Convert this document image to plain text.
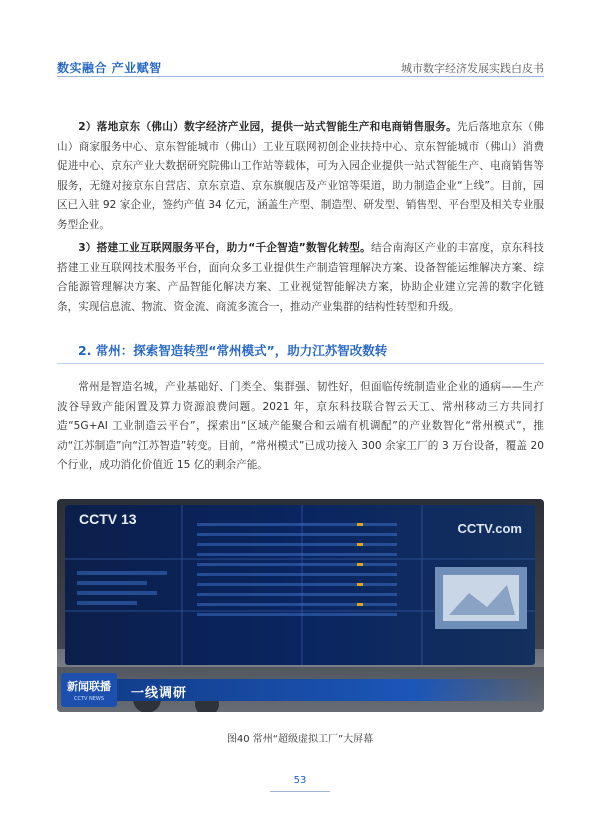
数实融合 产业赋智	城市数字经济发展实践白皮书

2）落地京东（佛山）数字经济产业园，提供一站式智能生产和电商销售服务。先后落地京东（佛山）商家服务中心、京东智能城市（佛山）工业互联网初创企业扶持中心、京东智能城市（佛山）消费促进中心、京东产业大数据研究院佛山工作站等载体，可为入园企业提供一站式智能生产、电商销售等服务，无缝对接京东自营店、京东京造、京东旗舰店及产业馆等渠道，助力制造企业“上线”。目前，园区已入驻 92 家企业，签约产值 34 亿元，涵盖生产型、制造型、研发型、销售型、平台型及相关专业服务型企业。

3）搭建工业互联网服务平台，助力“千企智造”数智化转型。结合南海区产业的丰富度，京东科技搭建工业互联网技术服务平台，面向众多工业提供生产制造管理解决方案、设备智能运维解决方案、综合能源管理解决方案、产品智能化解决方案、工业视觉智能解决方案，协助企业建立完善的数字化链条，实现信息流、物流、资金流、商流多流合一，推动产业集群的结构性转型和升级。

2. 常州：探索智造转型“常州模式”，助力江苏智改数转

常州是智造名城，产业基础好、门类全、集群强、韧性好，但面临传统制造业企业的通病——生产波谷导致产能闲置及算力资源浪费问题。2021 年，京东科技联合智云天工、常州移动三方共同打造“5G+AI 工业制造云平台”，探索出“区域产能聚合和云端有机调配”的产业数智化“常州模式”，推动“江苏制造”向“江苏智造”转变。目前，“常州模式”已成功接入 300 余家工厂的 3 万台设备，覆盖 20 个行业，成功消化价值近 15 亿的剩余产能。

CCTV 13
CCTV.com
新闻联播
CCTV NEWS	一线调研
图40 常州“超级虚拟工厂”大屏幕
53
